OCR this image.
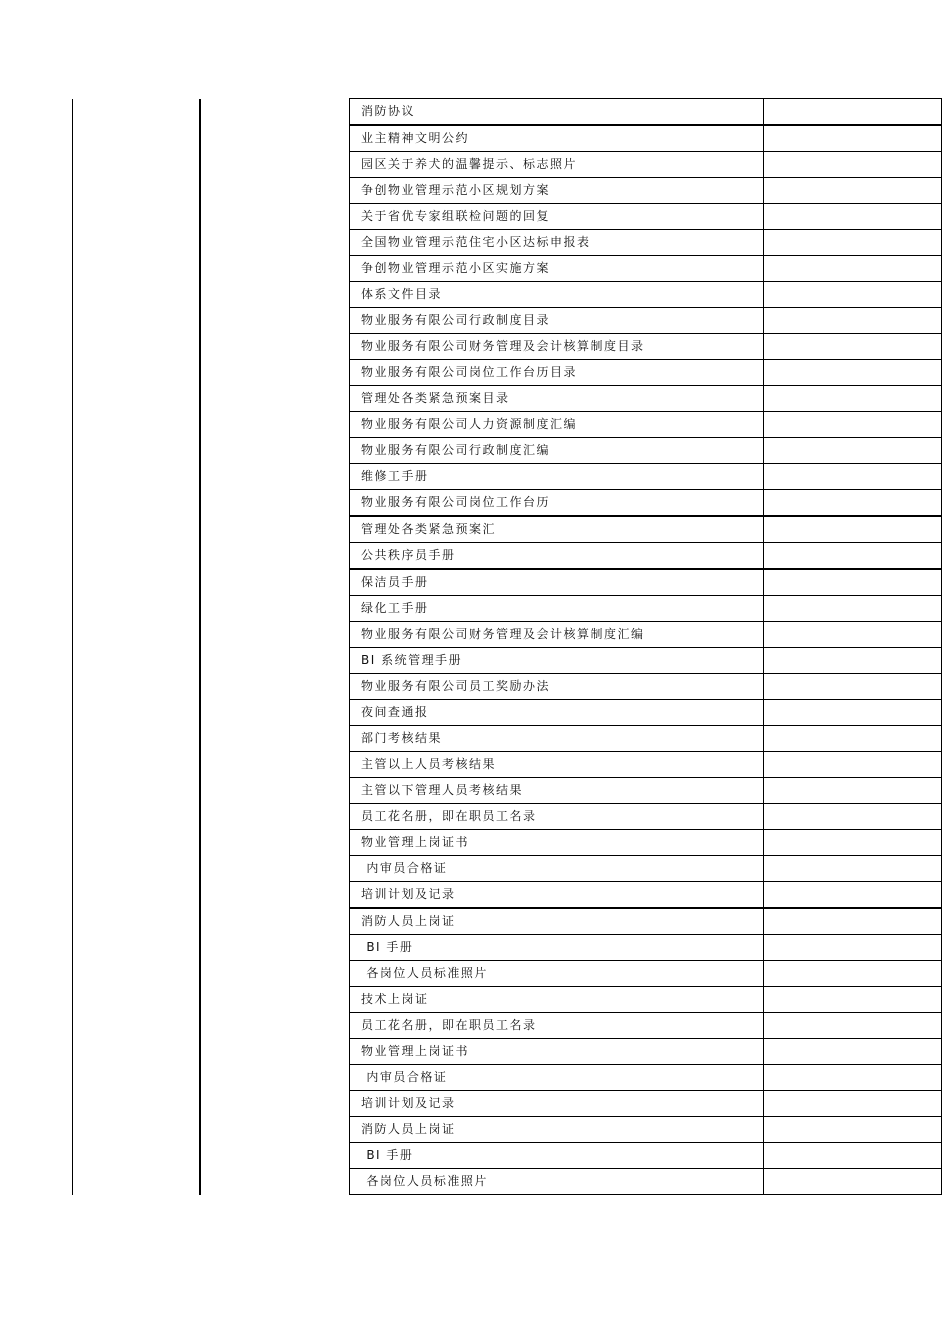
消防协议	
业主精神文明公约	
园区关于养犬的温馨提示、标志照片	
争创物业管理示范小区规划方案	
关于省优专家组联检问题的回复	
全国物业管理示范住宅小区达标申报表	
争创物业管理示范小区实施方案	
体系文件目录	
物业服务有限公司行政制度目录	
物业服务有限公司财务管理及会计核算制度目录	
物业服务有限公司岗位工作台历目录	
管理处各类紧急预案目录	
物业服务有限公司人力资源制度汇编	
物业服务有限公司行政制度汇编	
维修工手册	
物业服务有限公司岗位工作台历	
管理处各类紧急预案汇	
公共秩序员手册	
保洁员手册	
绿化工手册	
物业服务有限公司财务管理及会计核算制度汇编	
BI 系统管理手册	
物业服务有限公司员工奖励办法	
夜间查通报	
部门考核结果	
主管以上人员考核结果	
主管以下管理人员考核结果	
员工花名册，即在职员工名录	
物业管理上岗证书	
内审员合格证	
培训计划及记录	
消防人员上岗证	
BI 手册	
各岗位人员标准照片	
技术上岗证	
员工花名册，即在职员工名录	
物业管理上岗证书	
内审员合格证	
培训计划及记录	
消防人员上岗证	
BI 手册	
各岗位人员标准照片	
